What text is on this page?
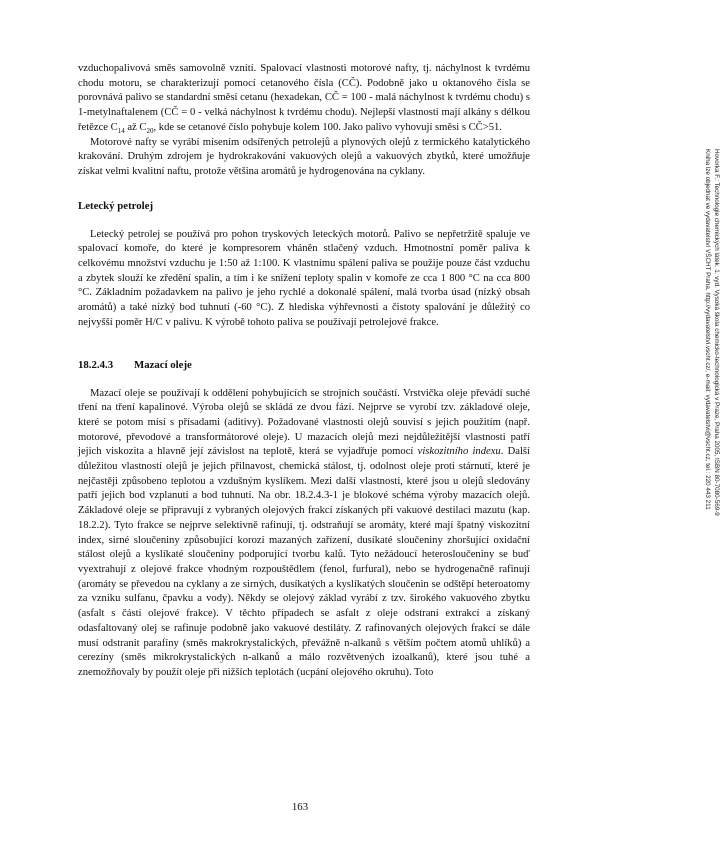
vzduchopalivová směs samovolně vznítí. Spalovací vlastnosti motorové nafty, tj. náchylnost k tvrdému chodu motoru, se charakterizují pomocí cetanového čísla (CČ). Podobně jako u oktanového čísla se porovnává palivo se standardní směsí cetanu (hexadekan, CČ = 100 - malá náchylnost k tvrdému chodu) s 1-metylnaftalenem (CČ = 0 - velká náchylnost k tvrdému chodu). Nejlepší vlastnosti mají alkány s délkou řetězce $C_{14}$ až $C_{20}$, kde se cetanové číslo pohybuje kolem 100. Jako palivo vyhovují směsi s CČ>51.

Motorové nafty se vyrábí mísením odsířených petrolejů a plynových olejů z termického katalytického krakování. Druhým zdrojem je hydrokrakování vakuových olejů a vakuových zbytků, které umožňuje získat velmi kvalitní naftu, protože většina aromátů je hydrogenována na cyklany.

Letecký petrolej

Letecký petrolej se používá pro pohon tryskových leteckých motorů. Palivo se nepřetržitě spaluje ve spalovací komoře, do které je kompresorem vháněn stlačený vzduch. Hmotnostní poměr paliva k celkovému množství vzduchu je 1:50 až 1:100. K vlastnímu spálení paliva se použije pouze část vzduchu a zbytek slouží ke zředění spalin, a tím i ke snížení teploty spalin v komoře ze cca 1 800 °C na cca 800 °C. Základním požadavkem na palivo je jeho rychlé a dokonalé spálení, malá tvorba úsad (nízký obsah aromátů) a také nízký bod tuhnutí (-60 °C). Z hlediska výhřevnosti a čistoty spalování je důležitý co nejvyšší poměr H/C v palivu. K výrobě tohoto paliva se používají petrolejové frakce.

18.2.4.3 Mazací oleje

Mazací oleje se používají k oddělení pohybujících se strojních součástí. Vrstvička oleje převádí suché tření na tření kapalinové. Výroba olejů se skládá ze dvou fází. Nejprve se vyrobí tzv. základové oleje, které se potom mísí s přísadami (aditivy). Požadované vlastnosti olejů souvisí s jejich použitím (např. motorové, převodové a transformátorové oleje). U mazacích olejů mezi nejdůležitější vlastnosti patří jejich viskozita a hlavně její závislost na teplotě, která se vyjadřuje pomocí viskozitního indexu. Další důležitou vlastností olejů je jejich přilnavost, chemická stálost, tj. odolnost oleje proti stárnutí, které je nejčastěji způsobeno teplotou a vzdušným kyslíkem. Mezi další vlastnosti, které jsou u olejů sledovány patří jejich bod vzplanutí a bod tuhnutí. Na obr. 18.2.4.3-1 je blokové schéma výroby mazacích olejů. Základové oleje se připravují z vybraných olejových frakcí získaných při vakuové destilaci mazutu (kap. 18.2.2). Tyto frakce se nejprve selektivně rafinují, tj. odstraňují se aromáty, které mají špatný viskozitní index, sirné sloučeniny způsobující korozi mazaných zařízení, dusíkaté sloučeniny zhoršující oxidační stálost olejů a kyslíkaté sloučeniny podporující tvorbu kalů. Tyto nežádoucí heterosloučeniny se buď vyextrahují z olejové frakce vhodným rozpouštědlem (fenol, furfural), nebo se hydrogenačně rafinují (aromáty se převedou na cyklany a ze sirných, dusíkatých a kyslíkatých sloučenin se odštěpí heteroatomy za vzniku sulfanu, čpavku a vody). Někdy se olejový základ vyrábí z tzv. širokého vakuového zbytku (asfalt s částí olejové frakce). V těchto případech se asfalt z oleje odstraní extrakcí a získaný odasfaltovaný olej se rafinuje podobně jako vakuové destiláty. Z rafinovaných olejových frakcí se dále musí odstranit parafíny (směs makrokrystalických, převážně n-alkanů s větším počtem atomů uhlíků) a cerezíny (směs mikrokrystalických n-alkanů a málo rozvětvených izoalkanů), které jsou tuhé a znemožňovaly by použít oleje při nižších teplotách (ucpání olejového okruhu). Toto

Hovorka F.: Technologie chemických látek. 1. vyd. Vysoká škola chemicko-technologická v Praze, Praha 2005, ISBN 80-7080-569-9
Kniha lze objednat ve vydavatelství VŠCHT Praha, http://vydavatelstvi.vscht.cz/, e-mail: vydavatelstvi@vscht.cz, tel.: 220 443 211
163
